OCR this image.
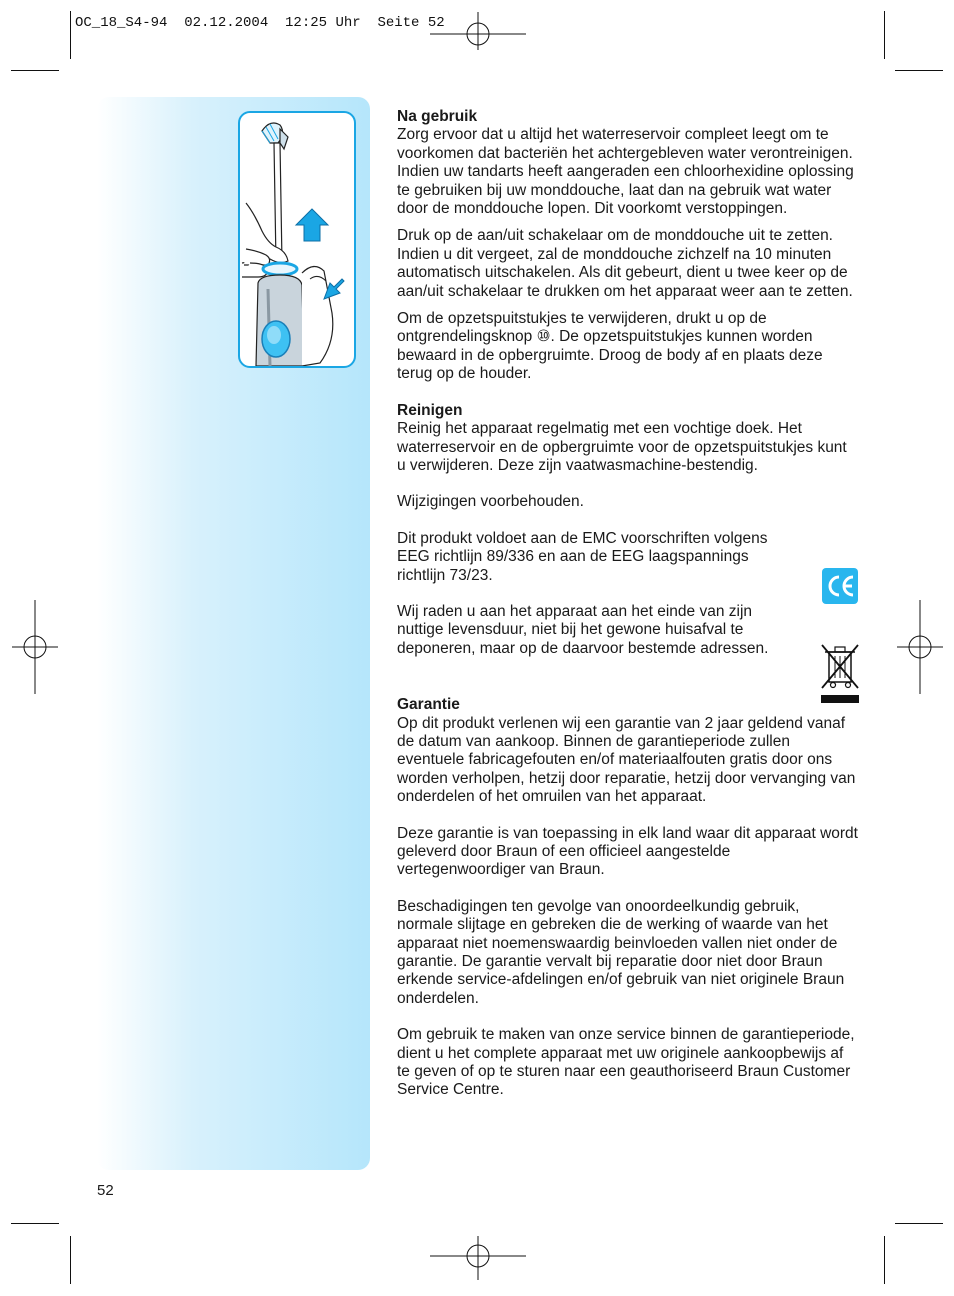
OC_18_S4-94  02.12.2004  12:25 Uhr  Seite 52

Na gebruik
Zorg ervoor dat u altijd het waterreservoir compleet leegt om te voorkomen dat bacteriën het achtergebleven water verontreinigen. Indien uw tandarts heeft aangeraden een chloorhexidine oplossing te gebruiken bij uw monddouche, laat dan na gebruik wat water door de monddouche lopen. Dit voorkomt verstoppingen.

Druk op de aan/uit schakelaar om de monddouche uit te zetten. Indien u dit vergeet, zal de monddouche zichzelf na 10 minuten automatisch uitschakelen. Als dit gebeurt, dient u twee keer op de aan/uit schakelaar te drukken om het apparaat weer aan te zetten.

Om de opzetspuitstukjes te verwijderen, drukt u op de ontgrendelingsknop ⑩. De opzetspuitstukjes kunnen worden bewaard in de opbergruimte. Droog de body af en plaats deze terug op de houder.

Reinigen
Reinig het apparaat regelmatig met een vochtige doek. Het waterreservoir en de opbergruimte voor de opzetspuitstukjes kunt u verwijderen. Deze zijn vaatwasmachine-bestendig.

Wijzigingen voorbehouden.

Dit produkt voldoet aan de EMC voorschriften volgens EEG richtlijn 89/336 en aan de EEG laagspannings richtlijn 73/23.

Wij raden u aan het apparaat aan het einde van zijn nuttige levensduur, niet bij het gewone huisafval te deponeren, maar op de daarvoor bestemde adressen.

Garantie
Op dit produkt verlenen wij een garantie van 2 jaar geldend vanaf de datum van aankoop. Binnen de garantieperiode zullen eventuele fabricagefouten en/of materiaalfouten gratis door ons worden verholpen, hetzij door reparatie, hetzij door vervanging van onderdelen of het omruilen van het apparaat.

Deze garantie is van toepassing in elk land waar dit apparaat wordt geleverd door Braun of een officieel aangestelde vertegenwoordiger van Braun.

Beschadigingen ten gevolge van onoordeelkundig gebruik, normale slijtage en gebreken die de werking of waarde van het apparaat niet noemenswaardig beinvloeden vallen niet onder de garantie. De garantie vervalt bij reparatie door niet door Braun erkende service-afdelingen en/of gebruik van niet originele Braun onderdelen.

Om gebruik te maken van onze service binnen de garantieperiode, dient u het complete apparaat met uw originele aankoopbewijs af te geven of op te sturen naar een geauthoriseerd Braun Customer Service Centre.

52
